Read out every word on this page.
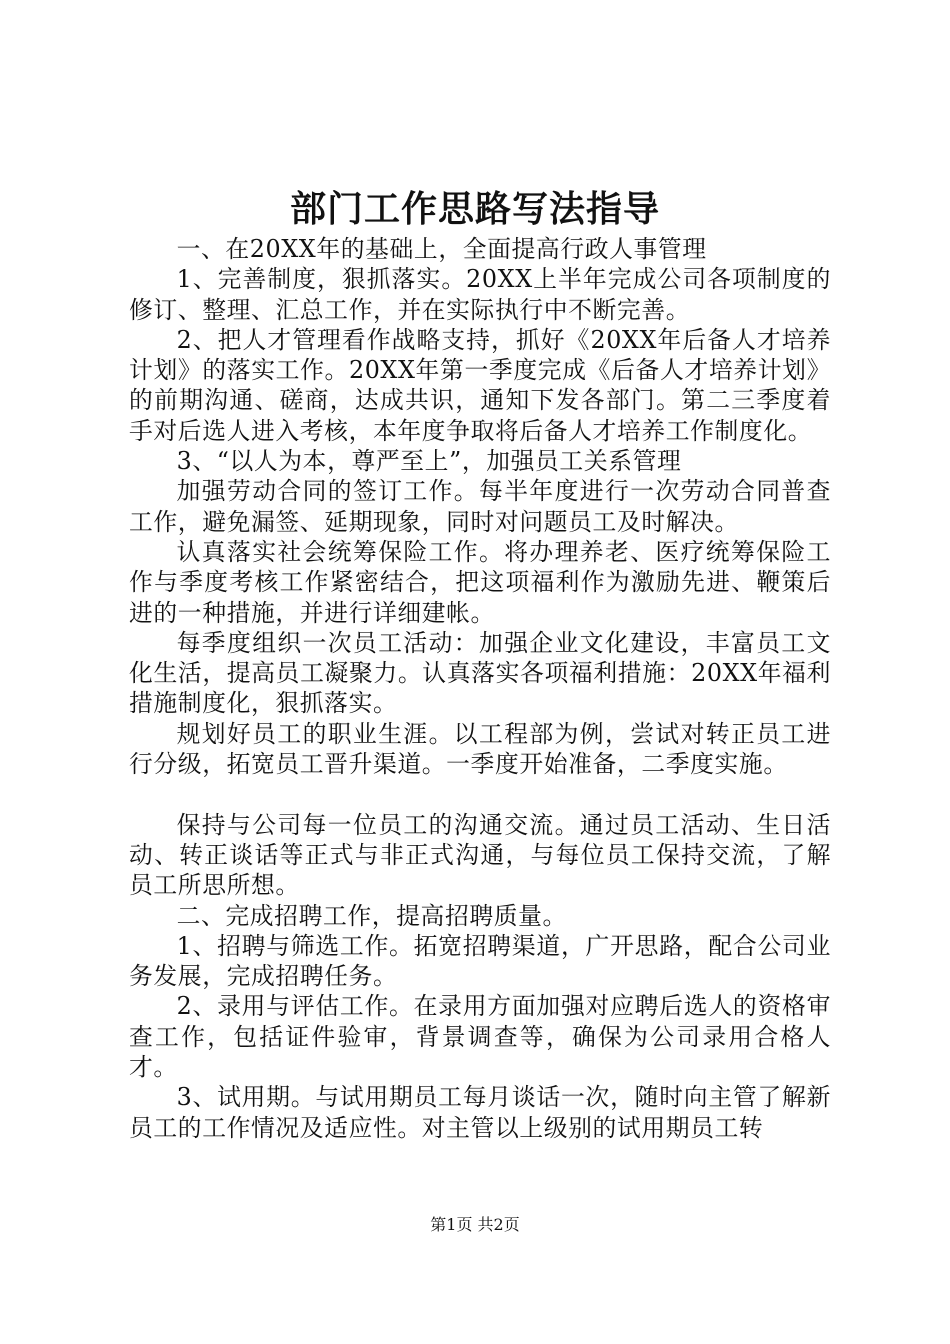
部门工作思路写法指导

一、在20XX年的基础上，全面提高行政人事管理

1、完善制度，狠抓落实。20XX上半年完成公司各项制度的修订、整理、汇总工作，并在实际执行中不断完善。

2、把人才管理看作战略支持，抓好《20XX年后备人才培养计划》的落实工作。20XX年第一季度完成《后备人才培养计划》的前期沟通、磋商，达成共识，通知下发各部门。第二三季度着手对后选人进入考核，本年度争取将后备人才培养工作制度化。

3、“以人为本，尊严至上”，加强员工关系管理

加强劳动合同的签订工作。每半年度进行一次劳动合同普查工作，避免漏签、延期现象，同时对问题员工及时解决。

认真落实社会统筹保险工作。将办理养老、医疗统筹保险工作与季度考核工作紧密结合，把这项福利作为激励先进、鞭策后进的一种措施，并进行详细建帐。

每季度组织一次员工活动：加强企业文化建设，丰富员工文化生活，提高员工凝聚力。认真落实各项福利措施：20XX年福利措施制度化，狠抓落实。

规划好员工的职业生涯。以工程部为例，尝试对转正员工进行分级，拓宽员工晋升渠道。一季度开始准备，二季度实施。

保持与公司每一位员工的沟通交流。通过员工活动、生日活动、转正谈话等正式与非正式沟通，与每位员工保持交流，了解员工所思所想。

二、完成招聘工作，提高招聘质量。

1、招聘与筛选工作。拓宽招聘渠道，广开思路，配合公司业务发展，完成招聘任务。

2、录用与评估工作。在录用方面加强对应聘后选人的资格审查工作，包括证件验审，背景调查等，确保为公司录用合格人才。

3、试用期。与试用期员工每月谈话一次，随时向主管了解新员工的工作情况及适应性。对主管以上级别的试用期员工转

第1页 共2页
